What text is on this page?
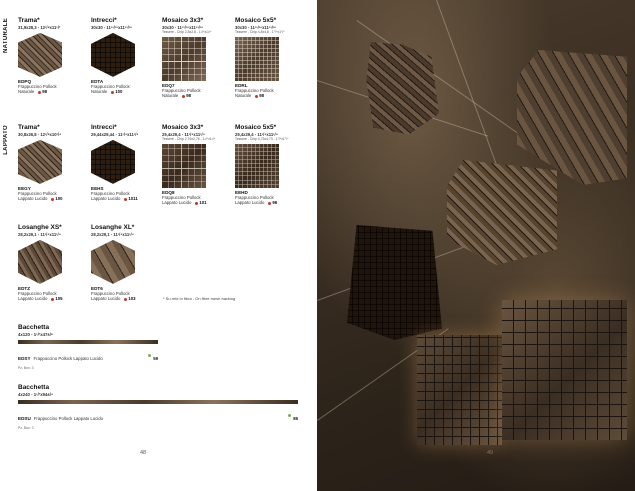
NATURALE
LAPPATO
Trama*
31,9x28,3 - 12¹/⁸x11¹/²
EDPQ
Frappuccino Pollock
Naturale 98
Intrecci*
30x30 - 11¹³/¹⁶x11¹³/¹⁶
EDTA
Frappuccino Pollock
Naturale 100
Mosaico 3x3*
30x30 - 11¹³/¹⁶x11¹³/¹⁶
Tessere - Chip 2,8x2,8 - 1¹/⁸x1¹/⁸
EDQ7
Frappuccino Pollock
Naturale 98
Mosaico 5x5*
30x30 - 11¹³/¹⁶x11¹³/¹⁶
Tessere - Chip 4,8x4,8 - 1⁷/⁸x1⁷/⁸
EDRL
Frappuccino Pollock
Naturale 98
Trama*
30,8x26,8 - 12¹/⁸x10¹/⁴
EEGY
Frappuccino Pollock
Lappato Lucido 100
Intrecci*
29,44x29,44 - 11¹/⁴x11¹/⁴
EEHS
Frappuccino Pollock
Lappato Lucido 1011
Mosaico 3x3*
29,4x29,4 - 11¹/⁴x11¹/⁴
Tessere - Chip 2,76x2,76 - 1¹/⁸x1¹/⁸
EDQ8
Frappuccino Pollock
Lappato Lucido 101
Mosaico 5x5*
29,4x29,4 - 11¹/⁴x11¹/⁴
Tessere - Chip 4,73x4,73 - 1⁷/⁸x1⁷/⁸
EEHD
Frappuccino Pollock
Lappato Lucido 96
Losanghe XS*
28,2x29,1 - 11¹/⁴x11¹/⁴
EDTZ
Frappuccino Pollock
Lappato Lucido 105
Losanghe XL*
28,2x29,1 - 11¹/⁴x11¹/⁴
EDT6
Frappuccino Pollock
Lappato Lucido 103	* Su rete in fibra - On fibre mesh backing
Bacchetta
4x120 - 1¹/²x47±/⁸
EDSY Frappuccino Pollock Lappato Lucido	59
Pz. Box: 3
Bacchetta
4x240 - 1¹/²x94±/⁴
EDSU Frappuccino Pollock Lappato Lucido	86
Pz. Box: 3
48	49
